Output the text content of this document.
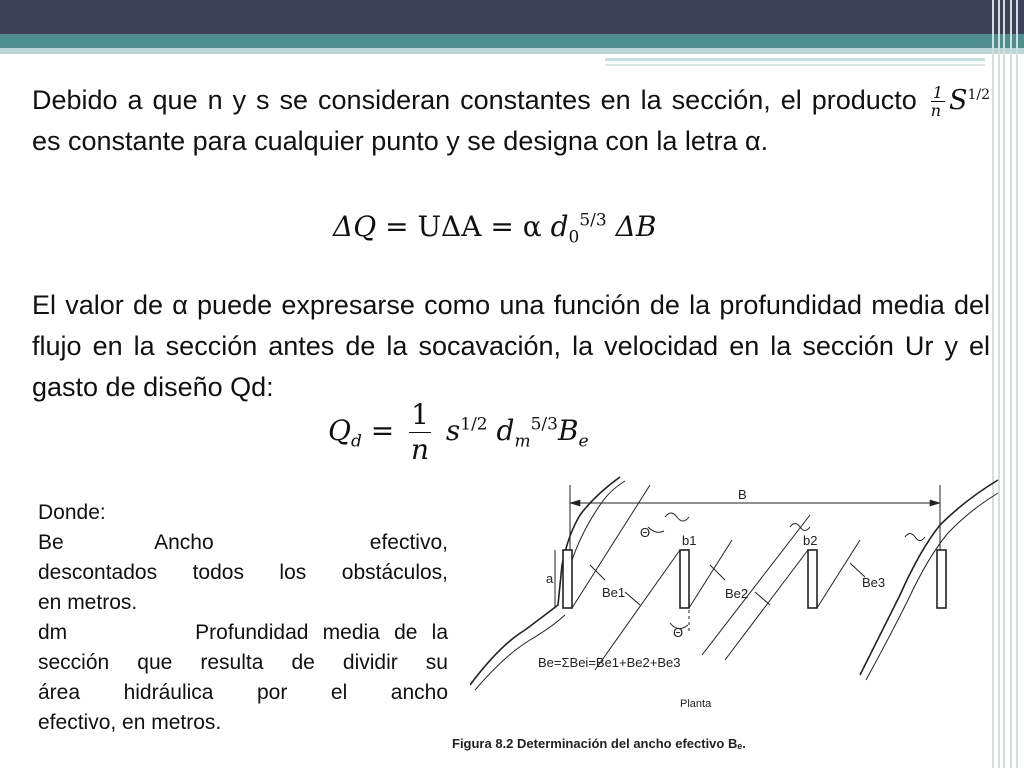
Debido a que n y s se consideran constantes en la sección, el producto $\frac{1}{n} S^{1/2}$ es constante para cualquier punto y se designa con la letra α.
ΔQ = UΔA = α $d_0^{5/3}$ ΔB
El valor de α puede expresarse como una función de la profundidad media del flujo en la sección antes de la socavación, la velocidad en la sección Ur y el gasto de diseño Qd:
$Q_d = \frac{1}{n} s^{1/2}$ $d_m^{5/3}B_e$
Donde:
Be           Ancho                   efectivo,
descontados todos los obstáculos,
en metros.
dm         Profundidad media de la
sección que resulta de dividir su
área hidráulica por el ancho
efectivo, en metros.
B
Θ
b1	b2
a
Be1	Be2
Be3
Θ
Be=ΣBei=Be1+Be2+Be3
Planta
Figura 8.2 Determinación del ancho efectivo Bₑ.
